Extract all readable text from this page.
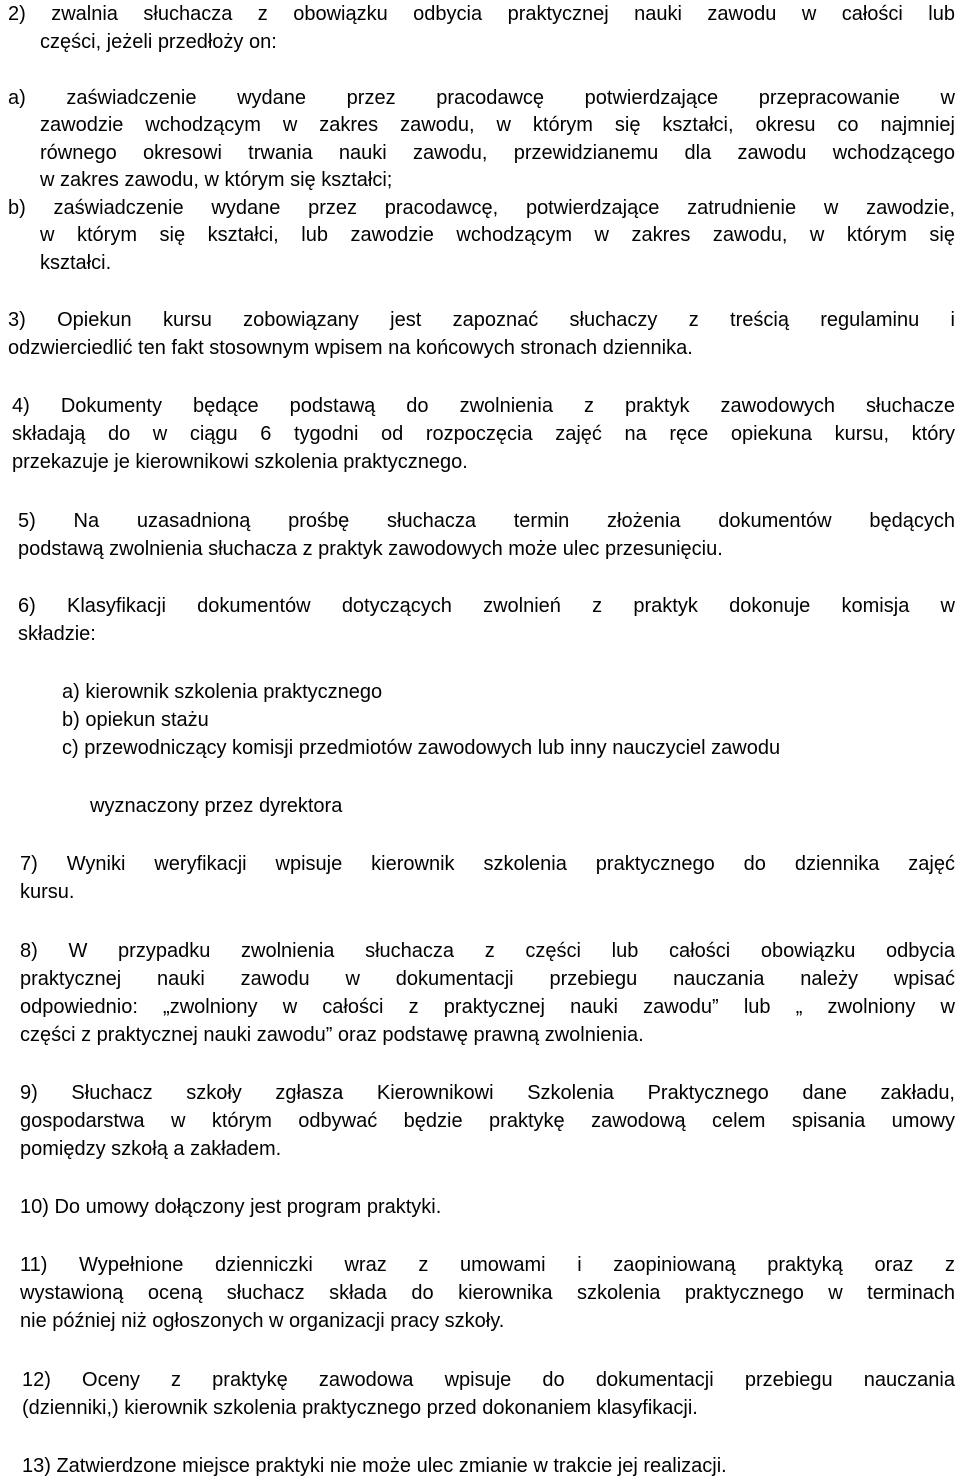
2) zwalnia słuchacza z obowiązku odbycia praktycznej nauki zawodu w całości lub
części, jeżeli przedłoży on:
a) zaświadczenie wydane przez pracodawcę potwierdzające przepracowanie w
zawodzie wchodzącym w zakres zawodu, w którym się kształci, okresu co najmniej
równego okresowi trwania nauki zawodu, przewidzianemu dla zawodu wchodzącego
w zakres zawodu, w którym się kształci;
b) zaświadczenie wydane przez pracodawcę, potwierdzające zatrudnienie w zawodzie,
w którym się kształci, lub zawodzie wchodzącym w zakres zawodu, w którym się
kształci.
3) Opiekun kursu zobowiązany jest zapoznać słuchaczy z treścią regulaminu i
odzwierciedlić ten fakt stosownym wpisem na końcowych stronach dziennika.
4) Dokumenty będące podstawą do zwolnienia z praktyk zawodowych słuchacze
składają do w ciągu 6 tygodni od rozpoczęcia zajęć na ręce opiekuna kursu, który
przekazuje je kierownikowi szkolenia praktycznego.
5) Na uzasadnioną prośbę słuchacza termin złożenia dokumentów będących
podstawą zwolnienia słuchacza z praktyk zawodowych może ulec przesunięciu.
6) Klasyfikacji dokumentów dotyczących zwolnień z praktyk dokonuje komisja w
składzie:
a) kierownik szkolenia praktycznego
b) opiekun stażu
c) przewodniczący komisji przedmiotów zawodowych lub inny nauczyciel zawodu
wyznaczony przez dyrektora
7) Wyniki weryfikacji wpisuje kierownik szkolenia praktycznego do dziennika zajęć
kursu.
8) W przypadku zwolnienia słuchacza z części lub całości obowiązku odbycia
praktycznej nauki zawodu w dokumentacji przebiegu nauczania należy wpisać
odpowiednio: „zwolniony w całości z praktycznej nauki zawodu” lub „ zwolniony w
części z praktycznej nauki zawodu” oraz podstawę prawną zwolnienia.
9) Słuchacz szkoły zgłasza Kierownikowi Szkolenia Praktycznego dane zakładu,
gospodarstwa w którym odbywać będzie praktykę zawodową celem spisania umowy
pomiędzy szkołą a zakładem.
10) Do umowy dołączony jest program praktyki.
11) Wypełnione dzienniczki wraz z umowami i zaopiniowaną praktyką oraz z
wystawioną oceną słuchacz składa do kierownika szkolenia praktycznego w terminach
nie później niż ogłoszonych w organizacji pracy szkoły.
12) Oceny z praktykę zawodowa wpisuje do dokumentacji przebiegu nauczania
(dzienniki,) kierownik szkolenia praktycznego przed dokonaniem klasyfikacji.
13) Zatwierdzone miejsce praktyki nie może ulec zmianie w trakcie jej realizacji.
